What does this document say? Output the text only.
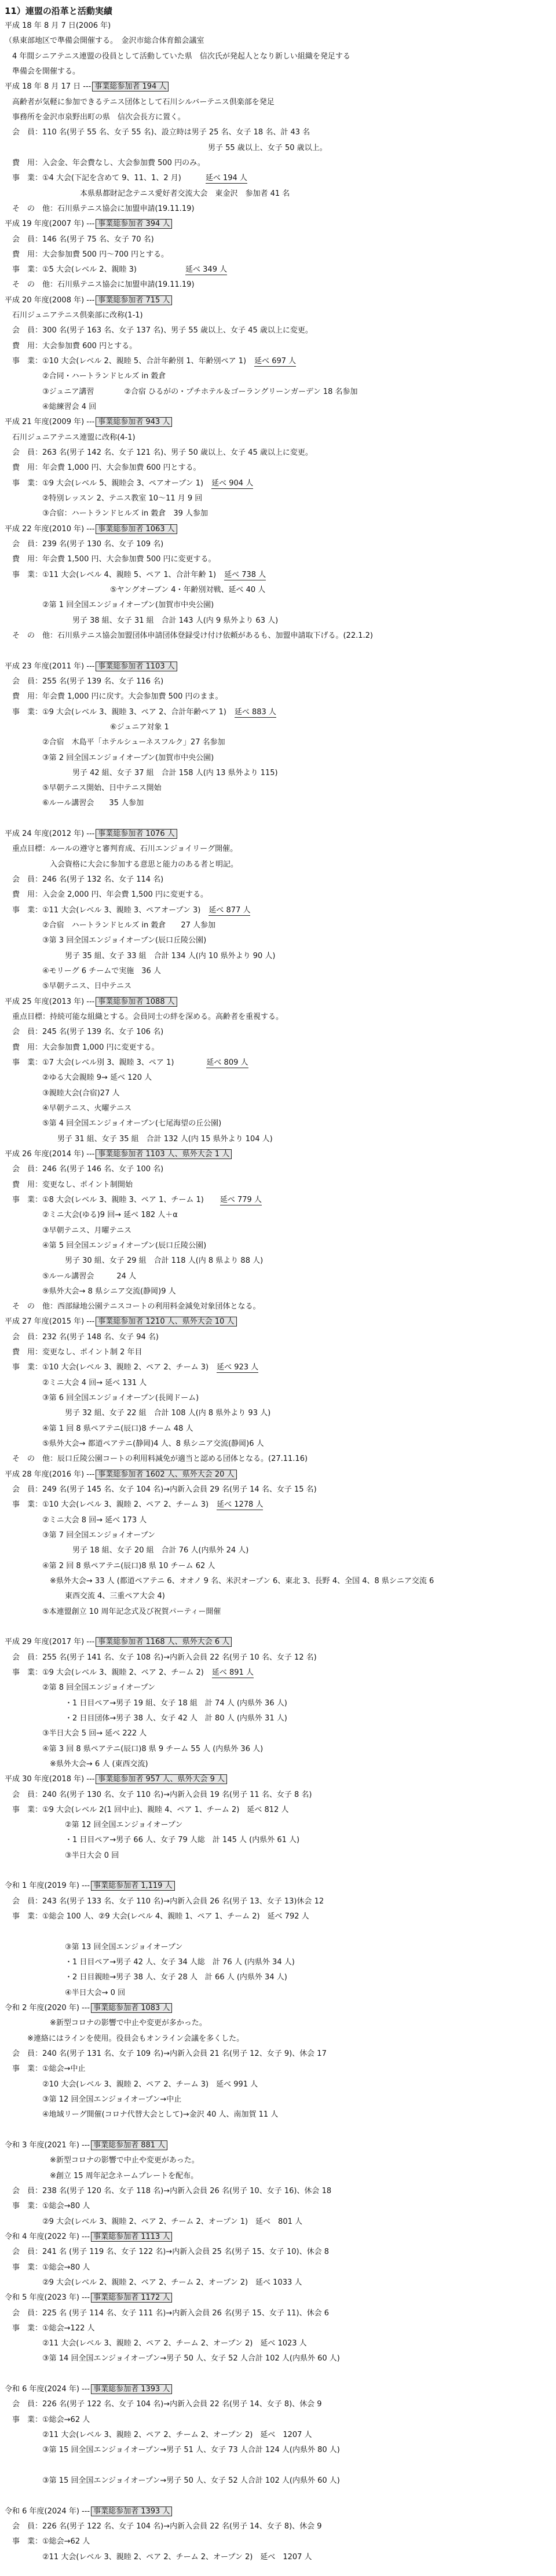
11）連盟の沿革と活動実績
平成 18 年 8 月 7 日(2006 年)
（県東部地区で準備会開催する。　金沢市総合体育館会議室
　4 年間シニアテニス連盟の役員として活動していた県　信次氏が発起人となり新しい組織を発足する
　準備会を開催する。
平成 18 年 8 月 17 日 --- 事業総参加者 194 人
　高齢者が気軽に参加できるテニス団体として石川シルバーテニス倶楽部を発足
　事務所を金沢市泉野出町の県　信次会長方に置く。
　会　員：110 名(男子 55 名、女子 55 名)、設立時は男子 25 名、女子 18 名、計 43 名
　　　　　　　　　　　　　　　　　　　　　　　　　　　男子 55 歳以上、女子 50 歳以上。
　費　用：入会金、年会費なし、大会参加費 500 円のみ。
　事　業：①4 大会(下記を含めて 9、11、1、2 月)	延べ 194 人
　　　　　　　　　　本県県都財記念テニス愛好者交流大会　東金沢　参加者 41 名
　そ　の　他：石川県テニス協会に加盟申請(19.11.19)
平成 19 年度(2007 年) --- 事業総参加者 394 人
　会　員：146 名(男子 75 名、女子 70 名)
　費　用：大会参加費 500 円〜700 円とする。
　事　業：①5 大会(レベル 2、親睦 3)	延べ 349 人
　そ　の　他：石川県テニス協会に加盟申請(19.11.19)
平成 20 年度(2008 年) --- 事業総参加者 715 人
　石川ジュニアテニス倶楽部に改称(1-1)
　会　員：300 名(男子 163 名、女子 137 名)、男子 55 歳以上、女子 45 歳以上に変更。
　費　用：大会参加費 600 円とする。
　事　業：①10 大会(レベル 2、親睦 5、合計年齢別 1、年齢別ペア 1) 延べ 697 人
　　　　　②合同・ハートランドヒルズ in 穀倉
　　　　　③ジュニア講習　　　　②合宿 ひるがの・プチホテル＆ゴーラングリーンガーデン 18 名参加
　　　　　④総練習会 4 回
平成 21 年度(2009 年) --- 事業総参加者 943 人
　石川ジュニアテニス連盟に改称(4-1)
　会　員：263 名(男子 142 名、女子 121 名)、男子 50 歳以上、女子 45 歳以上に変更。
　費　用：年会費 1,000 円、大会参加費 600 円とする。
　事　業：①9 大会(レベル 5、親睦会 3、ペアオープン 1) 延べ 904 人
　　　　　②特別レッスン 2、テニス教室 10〜11 月 9 回
　　　　　③合宿：ハートランドヒルズ in 穀倉　39 人参加
平成 22 年度(2010 年) --- 事業総参加者 1063 人
　会　員：239 名(男子 130 名、女子 109 名)
　費　用：年会費 1,500 円、大会参加費 500 円に変更する。
　事　業：①11 大会(レベル 4、親睦 5、ペア 1、合計年齢 1) 延べ 738 人
　　　　　　　　　　　　　　⑤ヤングオーブン 4・年齢別対戦、延べ 40 人
　　　　　②第 1 回全国エンジョイオープン(加賀市中央公園)
　　　　　　　　　男子 38 組、女子 31 組　合計 143 人(内 9 県外より 63 人)
　そ　の　他：石川県テニス協会加盟団体申請団体登録受け付け依頼があるも、加盟申請取下げる。(22.1.2)
平成 23 年度(2011 年) --- 事業総参加者 1103 人
　会　員：255 名(男子 139 名、女子 116 名)
　費　用：年会費 1,000 円に戻す。大会参加費 500 円のまま。
　事　業：①9 大会(レベル 3、親睦 3、ペア 2、合計年齢ペア 1) 延べ 883 人
　　　　　　　　　　　　　　⑥ジュニア対象 1
　　　　　②合宿　木島平「ホテルシューネスフルク」27 名参加
　　　　　③第 2 回全国エンジョイオープン(加賀市中央公園)
　　　　　　　　　男子 42 組、女子 37 組　合計 158 人(内 13 県外より 115)
　　　　　⑤早朝テニス開始、日中テニス開始
　　　　　⑥ルール講習会　　35 人参加
平成 24 年度(2012 年) --- 事業総参加者 1076 人
　重点目標：ルールの遵守と審判育成、石川エンジョイリーグ開催。
　　　　　　入会資格に大会に参加する意思と能力のある者と明記。
　会　員：246 名(男子 132 名、女子 114 名)
　費　用：入会金 2,000 円、年会費 1,500 円に変更する。
　事　業：①11 大会(レベル 3、親睦 3、ペアオープン 3) 延べ 877 人
　　　　　②合宿　ハートランドヒルズ in 穀倉　　27 人参加
　　　　　③第 3 回全国エンジョイオープン(辰口丘陵公園)
　　　　　　　　男子 35 組、女子 33 組　合計 134 人(内 10 県外より 90 人)
　　　　　④モリーグ 6 チームで実施　36 人
　　　　　⑤早朝テニス、日中テニス
平成 25 年度(2013 年) --- 事業総参加者 1088 人
　重点目標：持続可能な組織とする。会員同士の絆を深める。高齢者を重視する。
　会　員：245 名(男子 139 名、女子 106 名)
　費　用：大会参加費 1,000 円に変更する。
　事　業：①7 大会(レベル別 3、親睦 3、ペア 1)	延べ 809 人
　　　　　②ゆる大会親睦 9→ 延べ 120 人
　　　　　③親睦大会(合宿)27 人
　　　　　④早朝テニス、火曜テニス
　　　　　⑤第 4 回全国エンジョイオープン(七尾海望の丘公園)
　　　　　　　男子 31 組、女子 35 組　合計 132 人(内 15 県外より 104 人)
平成 26 年度(2014 年) --- 事業総参加者 1103 人、県外大会 1 人
　会　員：246 名(男子 146 名、女子 100 名)
　費　用：変更なし、ポイント制開始
　事　業：①8 大会(レベル 3、親睦 3、ペア 1、チーム 1) 延べ 779 人
　　　　　②ミニ大会(ゆる)9 回→ 延べ 182 人＋α
　　　　　③早朝テニス、月曜テニス
　　　　　④第 5 回全国エンジョイオープン(辰口丘陵公園)
　　　　　　　　男子 30 組、女子 29 組　合計 118 人(内 8 県より 88 人)
　　　　　⑤ルール講習会　　　24 人
　　　　　⑨県外大会→ 8 県シニア交流(静岡)9 人
　そ　の　他：西部緑地公園テニスコートの利用料金減免対象団体となる。
平成 27 年度(2015 年) --- 事業総参加者 1210 人、県外大会 10 人
　会　員：232 名(男子 148 名、女子 94 名)
　費　用：変更なし、ポイント制 2 年目
　事　業：①10 大会(レベル 3、親睦 2、ペア 2、チーム 3) 延べ 923 人
　　　　　②ミニ大会 4 回→ 延べ 131 人
　　　　　③第 6 回全国エンジョイオープン(長岡ドーム)
　　　　　　　　男子 32 組、女子 22 組　合計 108 人(内 8 県外より 93 人)
　　　　　④第 1 回 8 県ペアテニ(辰口)8 チーム 48 人
　　　　　⑤県外大会→ 都道ペアテニ(静岡)4 人、8 県シニア交流(静岡)6 人
　そ　の　他：辰口丘陵公園コートの利用料減免が適当と認める団体となる。(27.11.16)
平成 28 年度(2016 年) --- 事業総参加者 1602 人、県外大会 20 人
　会　員：249 名(男子 145 名、女子 104 名)→内新入会員 29 名(男子 14 名、女子 15 名)
　事　業：①10 大会(レベル 3、親睦 2、ペア 2、チーム 3) 延べ 1278 人
　　　　　②ミニ大会 8 回→ 延べ 173 人
　　　　　③第 7 回全国エンジョイオープン
　　　　　　　　　男子 18 組、女子 20 組　合計 76 人(内県外 24 人)
　　　　　④第 2 回 8 県ペアテニ(辰口)8 県 10 チーム 62 人
　　　　　　※県外大会→ 33 人 (都道ペアテニ 6、オオノ 9 名、米沢オープン 6、東北 3、長野 4、全国 4、8 県シニア交流 6
　　　　　　　　東西交流 4、三重ペア大会 4)
　　　　　⑤本連盟創立 10 周年記念式及び祝賀パーティー開催
平成 29 年度(2017 年) --- 事業総参加者 1168 人、県外大会 6 人
　会　員：255 名(男子 141 名、女子 108 名)→内新入会員 22 名(男子 10 名、女子 12 名)
　事　業：①9 大会(レベル 3、親睦 2、ペア 2、チーム 2) 延べ 891 人
　　　　　②第 8 回全国エンジョイオープン
　　　　　　　　・1 日目ペア→男子 19 組、女子 18 組　計 74 人 (内県外 36 人)
　　　　　　　　・2 日目団体→男子 38 人、女子 42 人　計 80 人 (内県外 31 人)
　　　　　③半日大会 5 回→ 延べ 222 人
　　　　　④第 3 回 8 県ペアテニ(辰口)8 県 9 チーム 55 人 (内県外 36 人)
　　　　　　※県外大会→ 6 人 (東西交流)
平成 30 年度(2018 年) --- 事業総参加者 957 人、県外大会 9 人
　会　員：240 名(男子 130 名、女子 110 名)→内新入会員 19 名(男子 11 名、女子 8 名)
　事　業：①9 大会(レベル 2(1 回中止)、親睦 4、ペア 1、チーム 2)　延べ 812 人
　　　　　　　　②第 12 回全国エンジョイオープン
　　　　　　　　・1 日目ペア→男子 66 人、女子 79 人総　計 145 人 (内県外 61 人)
　　　　　　　　③半日大会 0 回
令和 1 年度(2019 年) --- 事業総参加者 1,119 人
　会　員：243 名(男子 133 名、女子 110 名)→内新入会員 26 名(男子 13、女子 13)休会 12
　事　業：①総会 100 人、②9 大会(レベル 4、親睦 1、ペア 1、チーム 2)　延べ 792 人
　　　　　　　　③第 13 回全国エンジョイオープン
　　　　　　　　・1 日目ペア→男子 42 人、女子 34 人総　計 76 人 (内県外 34 人)
　　　　　　　　・2 日目親睦→男子 38 人、女子 28 人　計 66 人 (内県外 34 人)
　　　　　　　　④半日大会→ 0 回
令和 2 年度(2020 年) --- 事業総参加者 1083 人
　　　　　　※新型コロナの影響で中止や変更が多かった。
　　　※連絡にはラインを使用。役員会もオンライン会議を多くした。
　会　員：240 名(男子 131 名、女子 109 名)→内新入会員 21 名(男子 12、女子 9)、休会 17
　事　業：①総会→中止
　　　　　②10 大会(レベル 3、親睦 2、ペア 2、チーム 3)　延べ 991 人
　　　　　③第 12 回全国エンジョイオープン→中止
　　　　　④地域リーグ開催(コロナ代替大会として)→金沢 40 人、南加賀 11 人
令和 3 年度(2021 年) --- 事業総参加者 881 人
　　　　　　※新型コロナの影響で中止や変更があった。
　　　　　　※創立 15 周年記念ネームプレートを配布。
　会　員：238 名(男子 120 名、女子 118 名)→内新入会員 26 名(男子 10、女子 16)、休会 18
　事　業：①総会→80 人
　　　　　②9 大会(レベル 3、親睦 2、ペア 2、チーム 2、オープン 1)　延べ　801 人
令和 4 年度(2022 年) --- 事業総参加者 1113 人
　会　員：241 名 (男子 119 名、女子 122 名)→内新入会員 25 名(男子 15、女子 10)、休会 8
　事　業：①総会→80 人
　　　　　②9 大会(レベル 2、親睦 2、ペア 2、チーム 2、オープン 2)　延べ 1033 人
令和 5 年度(2023 年) --- 事業総参加者 1172 人
　会　員：225 名 (男子 114 名、女子 111 名)→内新入会員 26 名(男子 15、女子 11)、休会 6
　事　業：①総会→122 人
　　　　　②11 大会(レベル 3、親睦 2、ペア 2、チーム 2、オープン 2)　延べ 1023 人
　　　　　③第 14 回全国エンジョイオープン→男子 50 人、女子 52 人合計 102 人(内県外 60 人)
令和 6 年度(2024 年) --- 事業総参加者 1393 人
　会　員：226 名(男子 122 名、女子 104 名)→内新入会員 22 名(男子 14、女子 8)、休会 9
　事　業：①総会→62 人
　　　　　②11 大会(レベル 3、親睦 2、ペア 2、チーム 2、オープン 2)　延べ　1207 人
　　　　　③第 15 回全国エンジョイオープン→男子 51 人、女子 73 人合計 124 人(内県外 80 人)
　　　　　③第 15 回全国エンジョイオープン→男子 50 人、女子 52 人合計 102 人(内県外 60 人)
令和 6 年度(2024 年) --- 事業総参加者 1393 人
　会　員：226 名(男子 122 名、女子 104 名)→内新入会員 22 名(男子 14、女子 8)、休会 9
　事　業：①総会→62 人
　　　　　②11 大会(レベル 3、親睦 2、ペア 2、チーム 2、オープン 2)　延べ　1207 人
